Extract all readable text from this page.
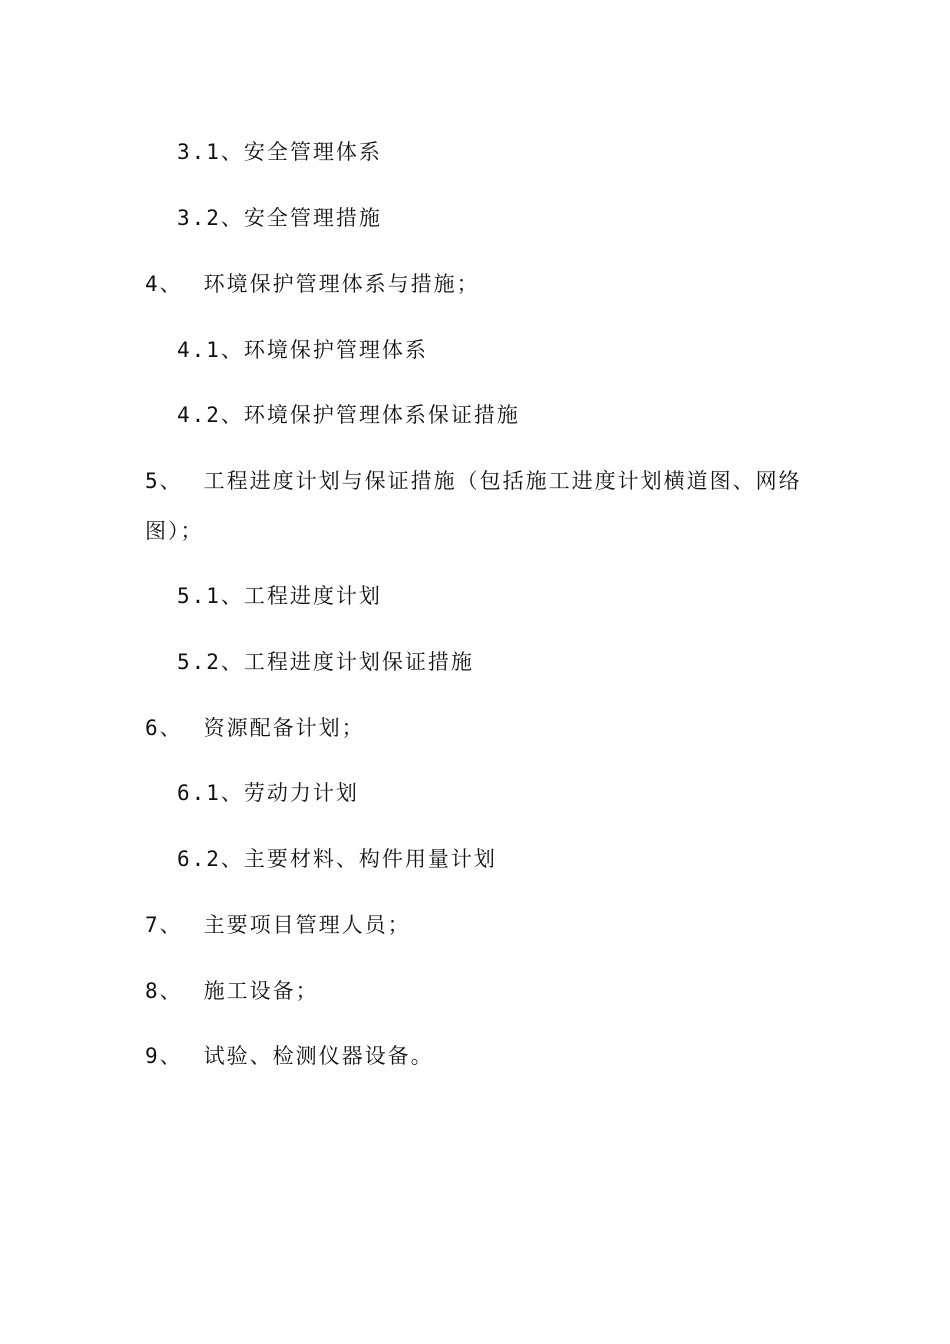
3.1、安全管理体系
3.2、安全管理措施
4、 环境保护管理体系与措施；
4.1、环境保护管理体系
4.2、环境保护管理体系保证措施
5、 工程进度计划与保证措施（包括施工进度计划横道图、网络
图）；
5.1、工程进度计划
5.2、工程进度计划保证措施
6、 资源配备计划；
6.1、劳动力计划
6.2、主要材料、构件用量计划
7、 主要项目管理人员；
8、 施工设备；
9、 试验、检测仪器设备。
